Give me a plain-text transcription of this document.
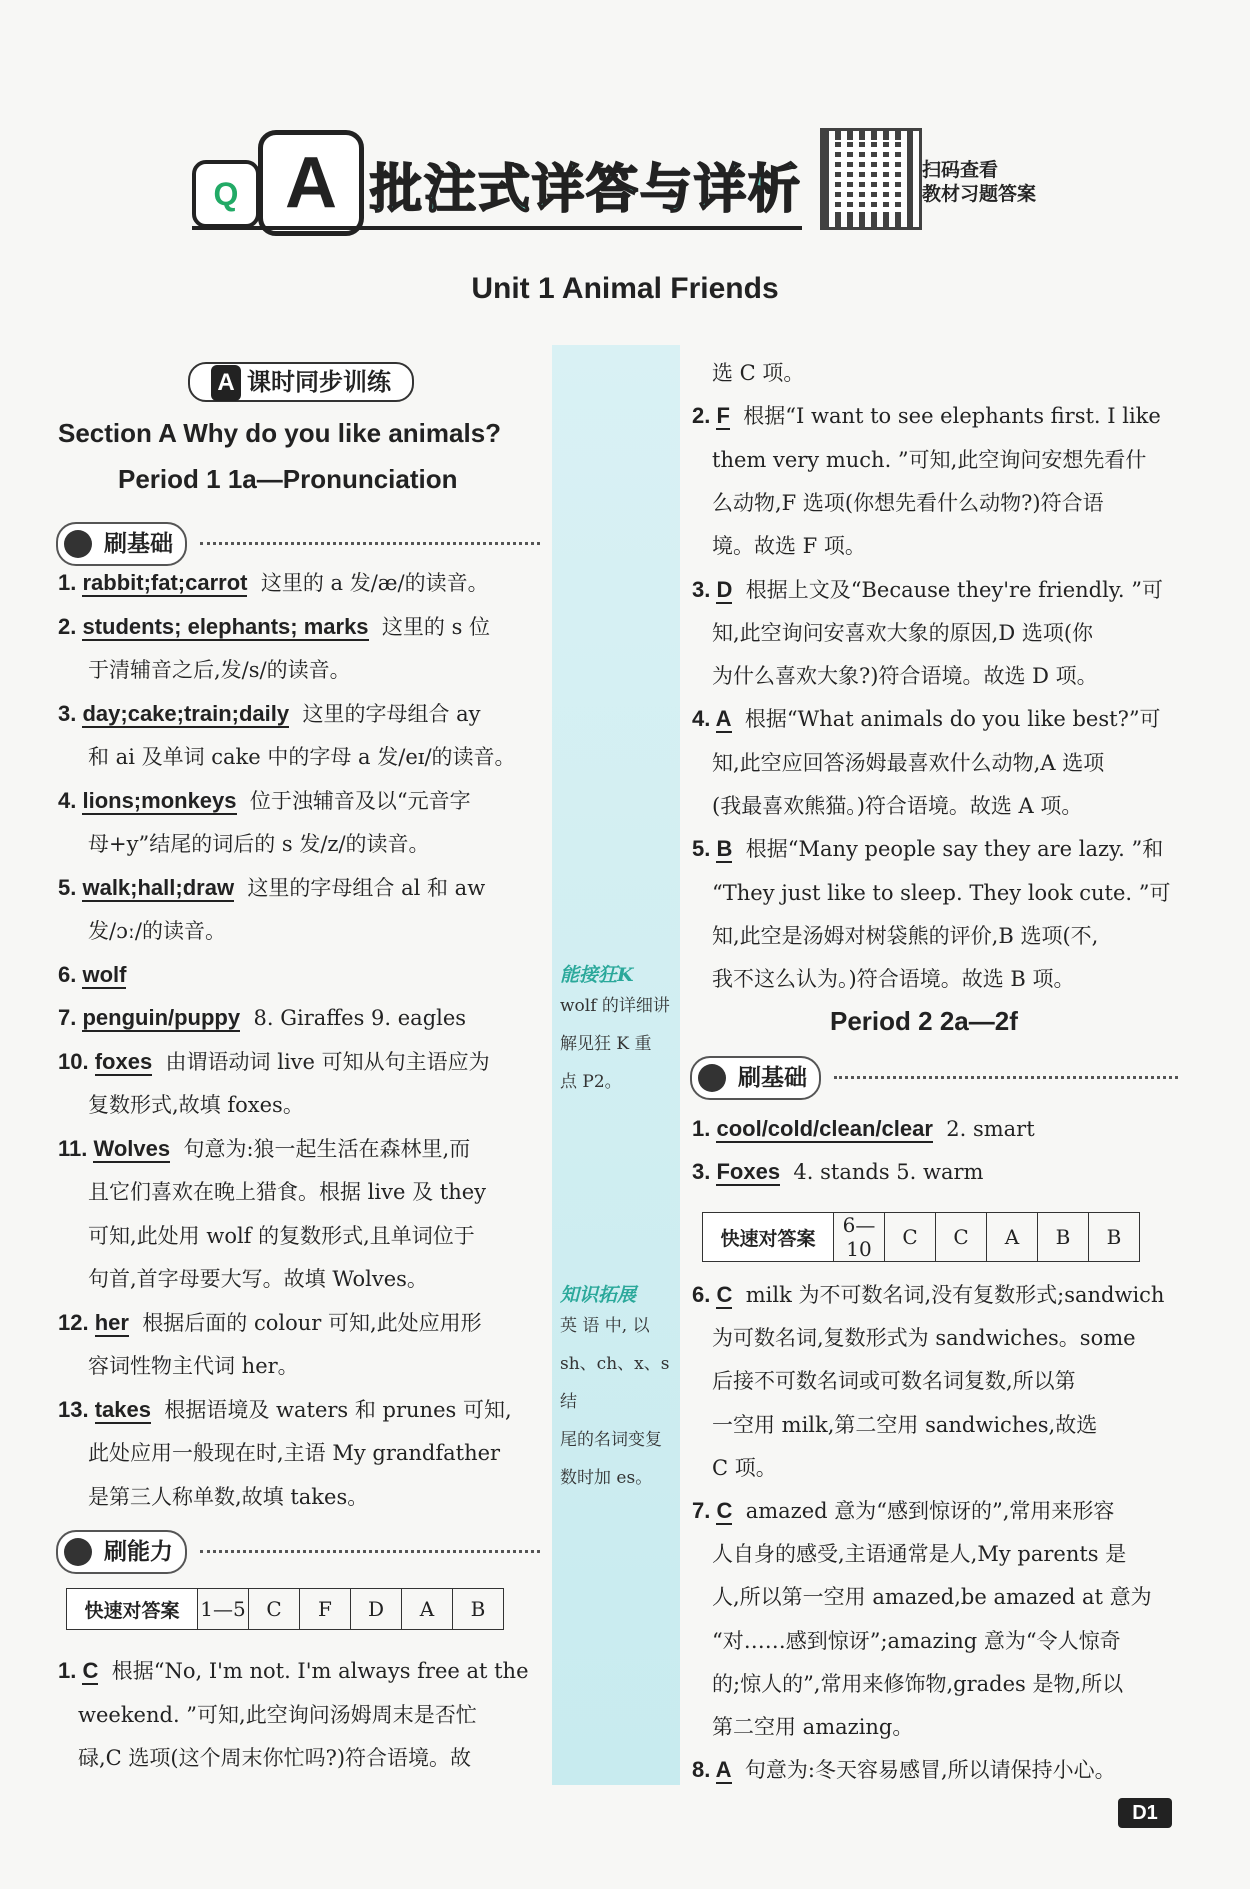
Q A 批注式详答与详析	扫码查看
教材习题答案
Unit 1 Animal Friends
A 课时同步训练
Section A Why do you like animals?
Period 1 1a—Pronunciation
刷基础
1. rabbit;fat;carrot 这里的 a 发/æ/的读音。
2. students; elephants; marks 这里的 s 位
于清辅音之后,发/s/的读音。
3. day;cake;train;daily 这里的字母组合 ay
和 ai 及单词 cake 中的字母 a 发/eɪ/的读音。
4. lions;monkeys 位于浊辅音及以“元音字
母+y”结尾的词后的 s 发/z/的读音。
5. walk;hall;draw 这里的字母组合 al 和 aw
发/ɔː/的读音。
6. wolf
7. penguin/puppy 8. Giraffes 9. eagles
10. foxes 由谓语动词 live 可知从句主语应为
复数形式,故填 foxes。
11. Wolves 句意为:狼一起生活在森林里,而
且它们喜欢在晚上猎食。根据 live 及 they
可知,此处用 wolf 的复数形式,且单词位于
句首,首字母要大写。故填 Wolves。
12. her 根据后面的 colour 可知,此处应用形
容词性物主代词 her。
13. takes 根据语境及 waters 和 prunes 可知,
此处应用一般现在时,主语 My grandfather
是第三人称单数,故填 takes。
刷能力
快速对答案	1—5	C	F	D	A	B
1. C 根据“No, I'm not. I'm always free at the
weekend. ”可知,此空询问汤姆周末是否忙
碌,C 选项(这个周末你忙吗?)符合语境。故
能接狂K
wolf 的详细讲
解见狂 K 重
点 P2。
知识拓展
英 语 中, 以
sh、ch、x、s 结
尾的名词变复
数时加 es。
选 C 项。
2. F 根据“I want to see elephants first. I like
them very much. ”可知,此空询问安想先看什
么动物,F 选项(你想先看什么动物?)符合语
境。故选 F 项。
3. D 根据上文及“Because they're friendly. ”可
知,此空询问安喜欢大象的原因,D 选项(你
为什么喜欢大象?)符合语境。故选 D 项。
4. A 根据“What animals do you like best?”可
知,此空应回答汤姆最喜欢什么动物,A 选项
(我最喜欢熊猫。)符合语境。故选 A 项。
5. B 根据“Many people say they are lazy. ”和
“They just like to sleep. They look cute. ”可
知,此空是汤姆对树袋熊的评价,B 选项(不,
我不这么认为。)符合语境。故选 B 项。
Period 2 2a—2f
刷基础
1. cool/cold/clean/clear 2. smart
3. Foxes 4. stands 5. warm
快速对答案	6—10	C	C	A	B	B
6. C milk 为不可数名词,没有复数形式;sandwich
为可数名词,复数形式为 sandwiches。some
后接不可数名词或可数名词复数,所以第
一空用 milk,第二空用 sandwiches,故选
C 项。
7. C amazed 意为“感到惊讶的”,常用来形容
人自身的感受,主语通常是人,My parents 是
人,所以第一空用 amazed,be amazed at 意为
“对……感到惊讶”;amazing 意为“令人惊奇
的;惊人的”,常用来修饰物,grades 是物,所以
第二空用 amazing。
8. A 句意为:冬天容易感冒,所以请保持小心。
D1
